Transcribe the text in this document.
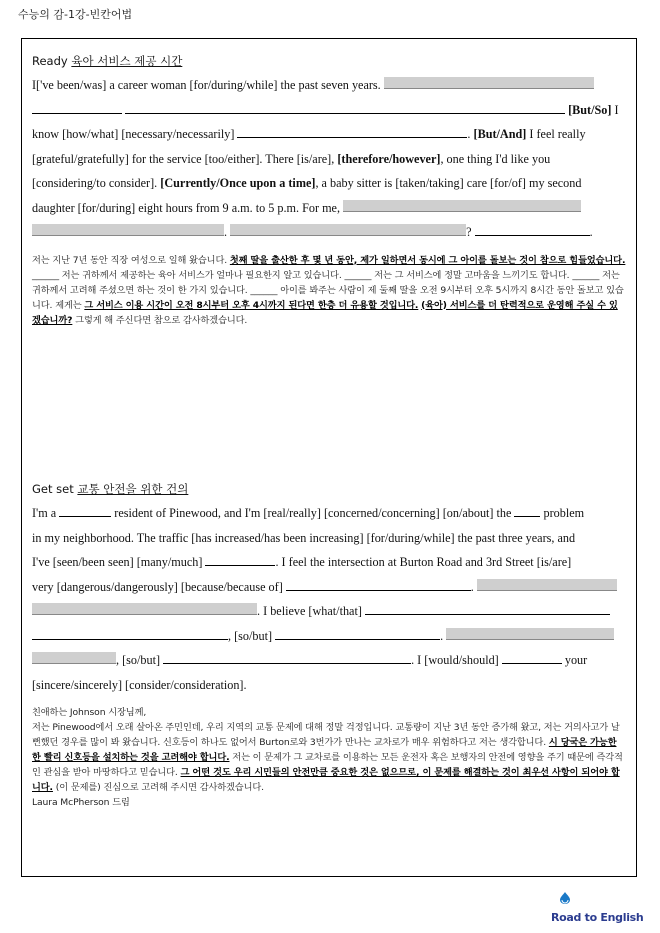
수능의 감-1강-빈칸어법
Ready 육아 서비스 제공 시간
I['ve been/was] a career woman [for/during/while] the past seven years.
[But/So] I
know [how/what] [necessary/necessarily]	. [But/And] I feel really
[grateful/gratefully] for the service [too/either]. There [is/are], [therefore/however], one thing I'd like you
[considering/to consider]. [Currently/Once upon a time], a baby sitter is [taken/taking] care [for/of] my second
daughter [for/during] eight hours from 9 a.m. to 5 p.m. For me,
.	?	.
저는 지난 7년 동안 직장 여성으로 일해 왔습니다. 첫째 딸을 출산한 후 몇 년 동안, 제가 일하면서 동시에 그 아이를 돌보는 것이 참으로 힘들었습니다. ______ 저는 귀하께서 제공하는 육아 서비스가 얼마나 필요한지 알고 있습니다. ______ 저는 그 서비스에 정말 고마움을 느끼기도 합니다. ______ 저는 귀하께서 고려해 주셨으면 하는 것이 한 가지 있습니다. ______ 아이를 봐주는 사람이 제 둘째 딸을 오전 9시부터 오후 5시까지 8시간 동안 돌보고 있습니다. 제게는 그 서비스 이용 시간이 오전 8시부터 오후 4시까지 된다면 한층 더 유용할 것입니다. (육아) 서비스를 더 탄력적으로 운영해 주실 수 있겠습니까? 그렇게 해 주신다면 참으로 감사하겠습니다.
Get set 교통 안전을 위한 건의
I'm a	resident of Pinewood, and I'm [real/really] [concerned/concerning] [on/about] the	problem
in my neighborhood. The traffic [has increased/has been increasing] [for/during/while] the past three years, and
I've [seen/been seen] [many/much]	. I feel the intersection at Burton Road and 3rd Street [is/are]
very [dangerous/dangerously] [because/because of]	.
. I believe [what/that]
, [so/but]	.
, [so/but]	. I [would/should]	your
[sincere/sincerely] [consider/consideration].
친애하는 Johnson 시장님께,
저는 Pinewood에서 오래 살아온 주민인데, 우리 지역의 교통 문제에 대해 정말 걱정입니다. 교통량이 지난 3년 동안 증가해 왔고, 저는 거의사고가 날 뻔했던 경우를 많이 봐 왔습니다. 신호등이 하나도 없어서 Burton로와 3번가가 만나는 교차로가 매우 위험하다고 저는 생각합니다. 시 당국은 가능한 한 빨리 신호등을 설치하는 것을 고려해야 합니다. 저는 이 문제가 그 교차로를 이용하는 모든 운전자 혹은 보행자의 안전에 영향을 주기 때문에 즉각적인 관심을 받아 마땅하다고 믿습니다. 그 어떤 것도 우리 시민들의 안전만큼 중요한 것은 없으므로, 이 문제를 해결하는 것이 최우선 사항이 되어야 합니다. (이 문제를) 진심으로 고려해 주시면 감사하겠습니다.
Laura McPherson 드림
$_{Road to English}$
